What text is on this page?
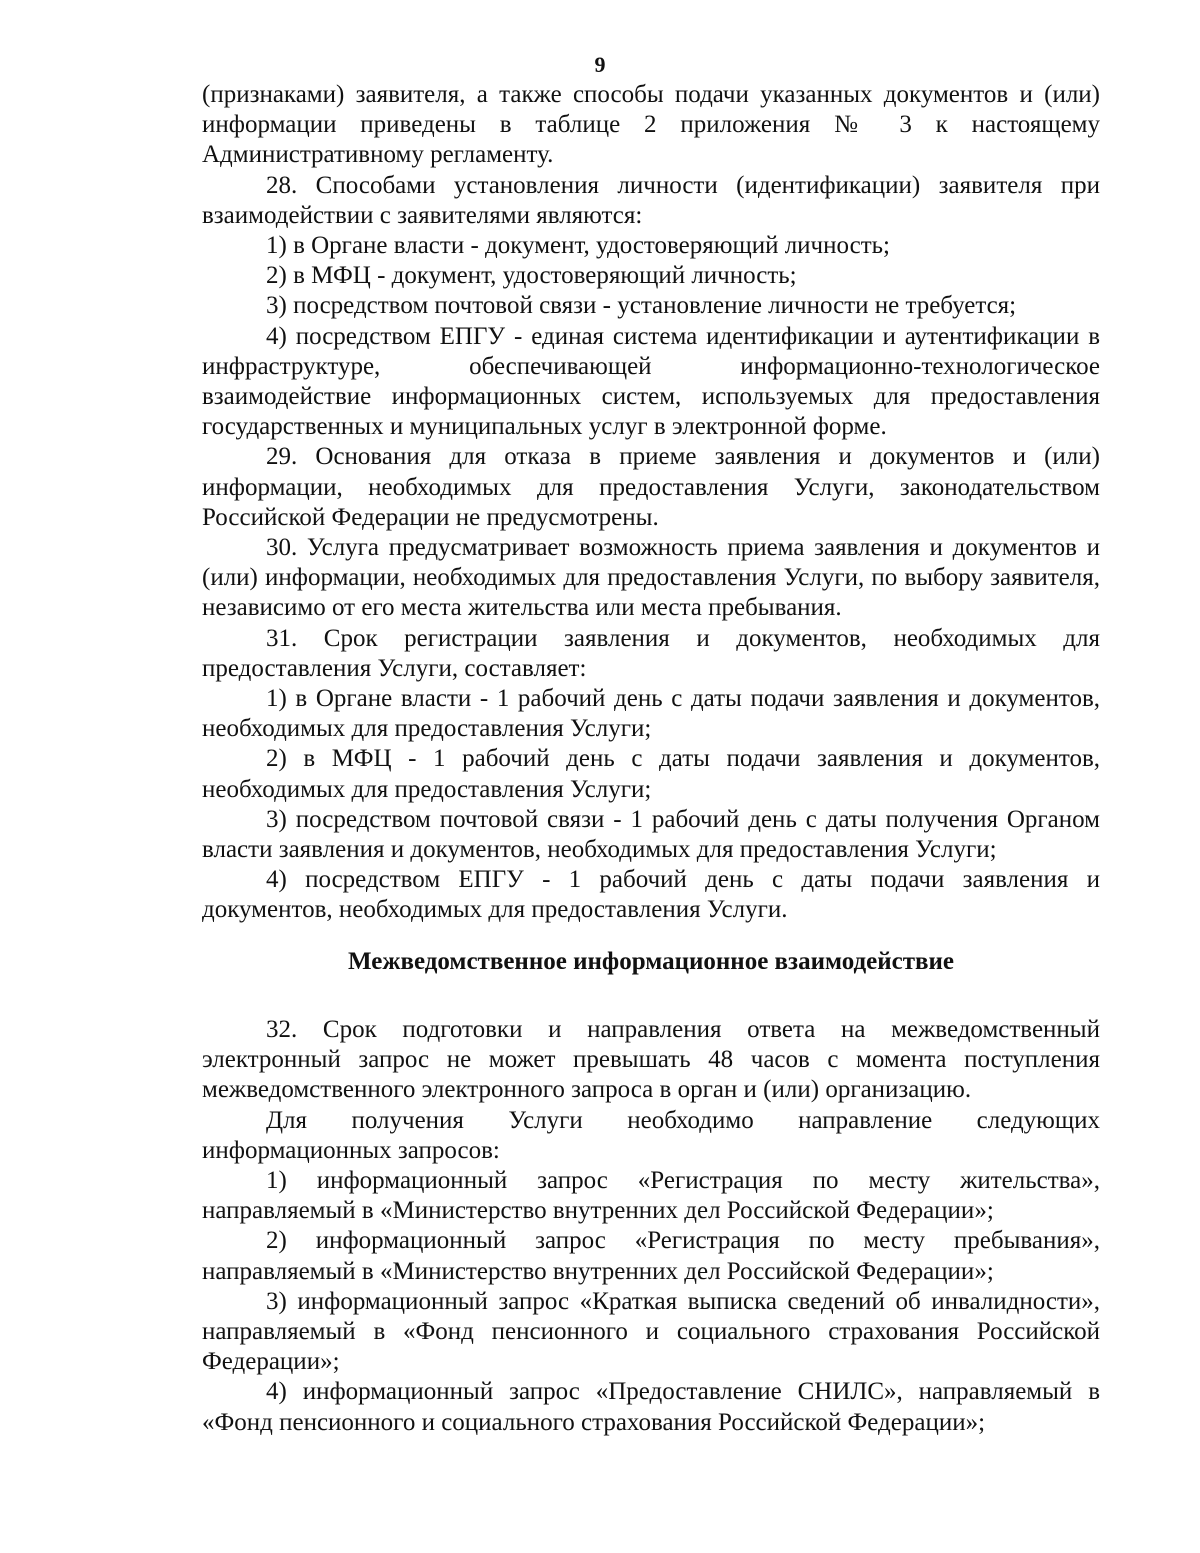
9

(признаками) заявителя, а также способы подачи указанных документов и (или) информации приведены в таблице 2 приложения № 3 к настоящему Административному регламенту.

28. Способами установления личности (идентификации) заявителя при взаимодействии с заявителями являются:

1) в Органе власти - документ, удостоверяющий личность;

2) в МФЦ - документ, удостоверяющий личность;

3) посредством почтовой связи - установление личности не требуется;

4) посредством ЕПГУ - единая система идентификации и аутентификации в инфраструктуре, обеспечивающей информационно-технологическое взаимодействие информационных систем, используемых для предоставления государственных и муниципальных услуг в электронной форме.

29. Основания для отказа в приеме заявления и документов и (или) информации, необходимых для предоставления Услуги, законодательством Российской Федерации не предусмотрены.

30. Услуга предусматривает возможность приема заявления и документов и (или) информации, необходимых для предоставления Услуги, по выбору заявителя, независимо от его места жительства или места пребывания.

31. Срок регистрации заявления и документов, необходимых для предоставления Услуги, составляет:

1) в Органе власти - 1 рабочий день с даты подачи заявления и документов, необходимых для предоставления Услуги;

2) в МФЦ - 1 рабочий день с даты подачи заявления и документов, необходимых для предоставления Услуги;

3) посредством почтовой связи - 1 рабочий день с даты получения Органом власти заявления и документов, необходимых для предоставления Услуги;

4) посредством ЕПГУ - 1 рабочий день с даты подачи заявления и документов, необходимых для предоставления Услуги.

Межведомственное информационное взаимодействие

32. Срок подготовки и направления ответа на межведомственный электронный запрос не может превышать 48 часов с момента поступления межведомственного электронного запроса в орган и (или) организацию.

Для получения Услуги необходимо направление следующих информационных запросов:

1) информационный запрос «Регистрация по месту жительства», направляемый в «Министерство внутренних дел Российской Федерации»;

2) информационный запрос «Регистрация по месту пребывания», направляемый в «Министерство внутренних дел Российской Федерации»;

3) информационный запрос «Краткая выписка сведений об инвалидности», направляемый в «Фонд пенсионного и социального страхования Российской Федерации»;

4) информационный запрос «Предоставление СНИЛС», направляемый в «Фонд пенсионного и социального страхования Российской Федерации»;
